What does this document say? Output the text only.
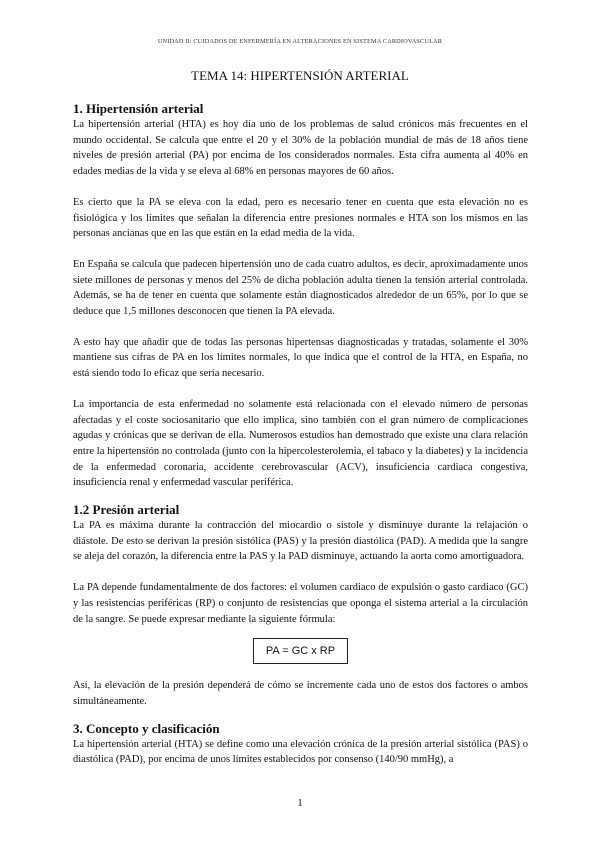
UNIDAD II: CUIDADOS DE ENFERMERÍA EN ALTERACIONES EN SISTEMA CARDIOVASCULAR
TEMA 14: HIPERTENSIÓN ARTERIAL
1. Hipertensión arterial

La hipertensión arterial (HTA) es hoy día uno de los problemas de salud crónicos más frecuentes en el mundo occidental. Se calcula que entre el 20 y el 30% de la población mundial de más de 18 años tiene niveles de presión arterial (PA) por encima de los considerados normales. Esta cifra aumenta al 40% en edades medias de la vida y se eleva al 68% en personas mayores de 60 años.

Es cierto que la PA se eleva con la edad, pero es necesario tener en cuenta que esta elevación no es fisiológica y los límites que señalan la diferencia entre presiones normales e HTA son los mismos en las personas ancianas que en las que están en la edad media de la vida.

En España se calcula que padecen hipertensión uno de cada cuatro adultos, es decir, aproximadamente unos siete millones de personas y menos del 25% de dicha población adulta tienen la tensión arterial controlada. Además, se ha de tener en cuenta que solamente están diagnosticados alrededor de un 65%, por lo que se deduce que 1,5 millones desconocen que tienen la PA elevada.

A esto hay que añadir que de todas las personas hipertensas diagnosticadas y tratadas, solamente el 30% mantiene sus cifras de PA en los límites normales, lo que indica que el control de la HTA, en España, no está siendo todo lo eficaz que sería necesario.

La importancia de esta enfermedad no solamente está relacionada con el elevado número de personas afectadas y el coste sociosanitario que ello implica, sino también con el gran número de complicaciones agudas y crónicas que se derivan de ella. Numerosos estudios han demostrado que existe una clara relación entre la hipertensión no controlada (junto con la hipercolesterolemia, el tabaco y la diabetes) y la incidencia de la enfermedad coronaria, accidente cerebrovascular (ACV), insuficiencia cardiaca congestiva, insuficiencia renal y enfermedad vascular periférica.

1.2 Presión arterial

La PA es máxima durante la contracción del miocardio o sístole y disminuye durante la relajación o diástole. De esto se derivan la presión sistólica (PAS) y la presión diastólica (PAD). A medida que la sangre se aleja del corazón, la diferencia entre la PAS y la PAD disminuye, actuando la aorta como amortiguadora.

La PA depende fundamentalmente de dos factores: el volumen cardiaco de expulsión o gasto cardiaco (GC) y las resistencias periféricas (RP) o conjunto de resistencias que oponga el sistema arterial a la circulación de la sangre. Se puede expresar mediante la siguiente fórmula:

PA = GC x RP

Así, la elevación de la presión dependerá de cómo se incremente cada uno de estos dos factores o ambos simultáneamente.

3. Concepto y clasificación

La hipertensión arterial (HTA) se define como una elevación crónica de la presión arterial sistólica (PAS) o diastólica (PAD), por encima de unos límites establecidos por consenso (140/90 mmHg), a

1
